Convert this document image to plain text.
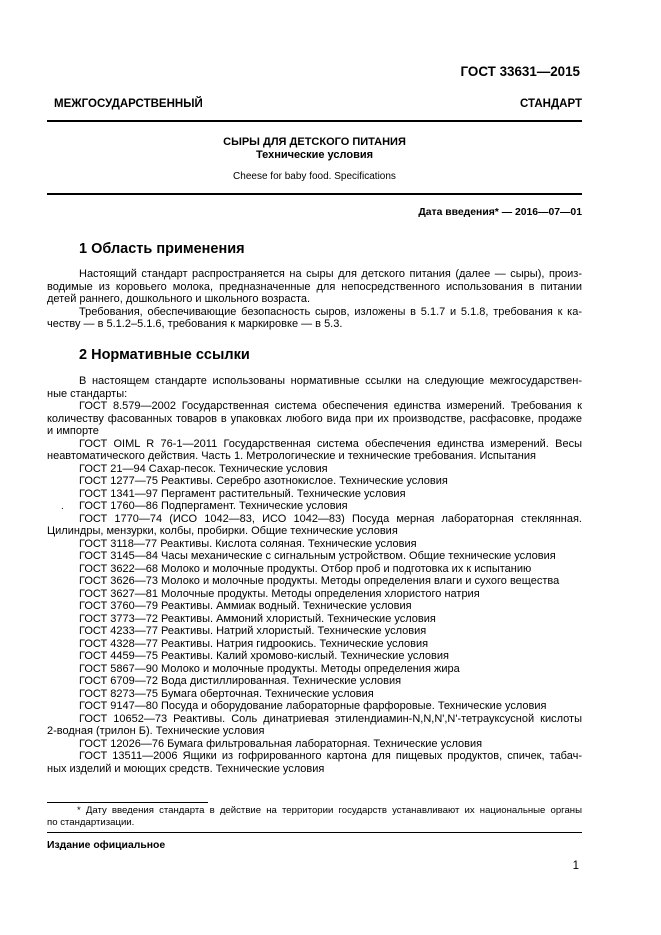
ГОСТ 33631—2015
МЕЖГОСУДАРСТВЕННЫЙ СТАНДАРТ
СЫРЫ ДЛЯ ДЕТСКОГО ПИТАНИЯ
Технические условия
Cheese for baby food. Specifications
Дата введения* — 2016—07—01
1 Область применения
Настоящий стандарт распространяется на сыры для детского питания (далее — сыры), произ-
водимые из коровьего молока, предназначенные для непосредственного использования в питании
детей раннего, дошкольного и школьного возраста.
Требования, обеспечивающие безопасность сыров, изложены в 5.1.7 и 5.1.8, требования к ка-
честву — в 5.1.2–5.1.6, требования к маркировке — в 5.3.
2 Нормативные ссылки
В настоящем стандарте использованы нормативные ссылки на следующие межгосударствен-
ные стандарты:
ГОСТ 8.579—2002 Государственная система обеспечения единства измерений. Требования к
количеству фасованных товаров в упаковках любого вида при их производстве, расфасовке, продаже
и импорте
ГОСТ OIML R 76-1—2011 Государственная система обеспечения единства измерений. Весы
неавтоматического действия. Часть 1. Метрологические и технические требования. Испытания
ГОСТ 21—94 Сахар-песок. Технические условия
ГОСТ 1277—75 Реактивы. Серебро азотнокислое. Технические условия
ГОСТ 1341—97 Пергамент растительный. Технические условия
ГОСТ 1760—86 Подпергамент. Технические условия
ГОСТ 1770—74 (ИСО 1042—83, ИСО 1042—83) Посуда мерная лабораторная стеклянная.
Цилиндры, мензурки, колбы, пробирки. Общие технические условия
ГОСТ 3118—77 Реактивы. Кислота соляная. Технические условия
ГОСТ 3145—84 Часы механические с сигнальным устройством. Общие технические условия
ГОСТ 3622—68 Молоко и молочные продукты. Отбор проб и подготовка их к испытанию
ГОСТ 3626—73 Молоко и молочные продукты. Методы определения влаги и сухого вещества
ГОСТ 3627—81 Молочные продукты. Методы определения хлористого натрия
ГОСТ 3760—79 Реактивы. Аммиак водный. Технические условия
ГОСТ 3773—72 Реактивы. Аммоний хлористый. Технические условия
ГОСТ 4233—77 Реактивы. Натрий хлористый. Технические условия
ГОСТ 4328—77 Реактивы. Натрия гидроокись. Технические условия
ГОСТ 4459—75 Реактивы. Калий хромово-кислый. Технические условия
ГОСТ 5867—90 Молоко и молочные продукты. Методы определения жира
ГОСТ 6709—72 Вода дистиллированная. Технические условия
ГОСТ 8273—75 Бумага оберточная. Технические условия
ГОСТ 9147—80 Посуда и оборудование лабораторные фарфоровые. Технические условия
ГОСТ 10652—73 Реактивы. Соль динатриевая этилендиамин-N,N,N',N'-тетрауксусной кислоты
2-водная (трилон Б). Технические условия
ГОСТ 12026—76 Бумага фильтровальная лабораторная. Технические условия
ГОСТ 13511—2006 Ящики из гофрированного картона для пищевых продуктов, спичек, табач-
ных изделий и моющих средств. Технические условия
.
* Дату введения стандарта в действие на территории государств устанавливают их национальные органы
по стандартизации.
Издание официальное
1
